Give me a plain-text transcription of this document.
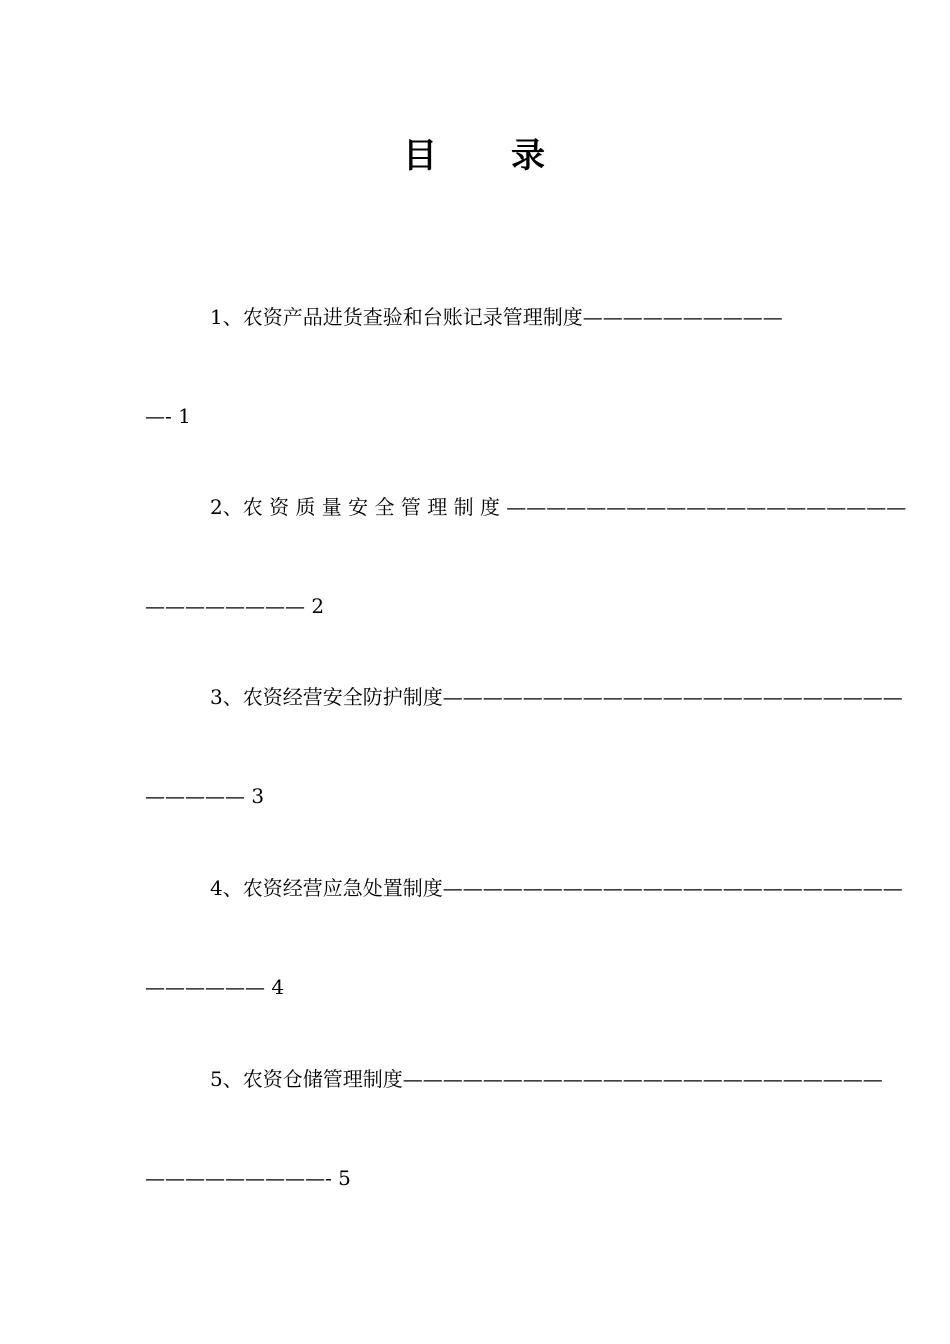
目 录
1、农资产品进货查验和台账记录管理制度——————————
—- 1
2、农 资 质 量 安 全 管 理 制 度 ————————————————————
———————— 2
3、农资经营安全防护制度———————————————————————
————— 3
4、农资经营应急处置制度———————————————————————
—————— 4
5、农资仓储管理制度————————————————————————
—————————- 5
